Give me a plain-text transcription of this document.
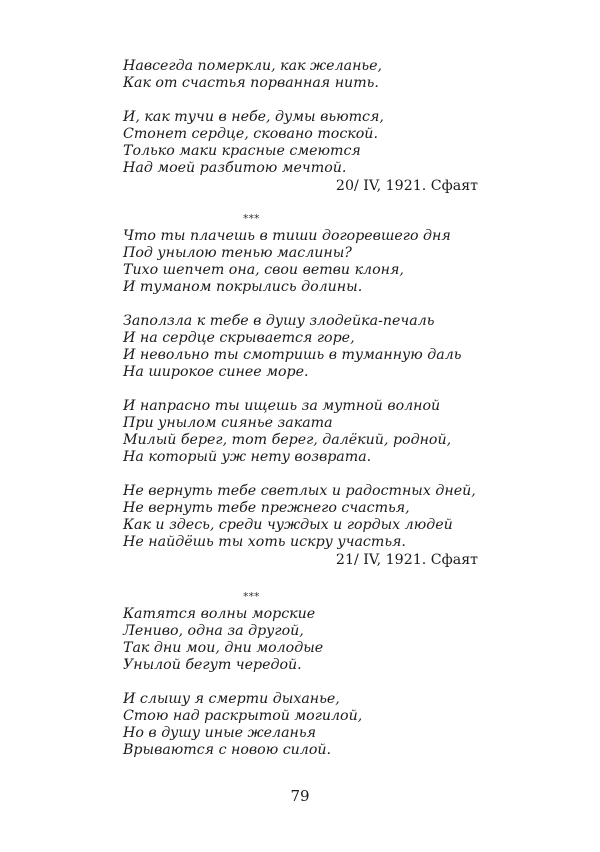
Навсегда померкли, как желанье,
Как от счастья порванная нить.
И, как тучи в небе, думы вьются,
Стонет сердце, сковано тоской.
Только маки красные смеются
Над моей разбитою мечтой.
20/ IV, 1921. Сфаят
***
Что ты плачешь в тиши догоревшего дня
Под унылою тенью маслины?
Тихо шепчет она, свои ветви клоня,
И туманом покрылись долины.
Заползла к тебе в душу злодейка-печаль
И на сердце скрывается горе,
И невольно ты смотришь в туманную даль
На широкое синее море.
И напрасно ты ищешь за мутной волной
При унылом сиянье заката
Милый берег, тот берег, далёкий, родной,
На который уж нету возврата.
Не вернуть тебе светлых и радостных дней,
Не вернуть тебе прежнего счастья,
Как и здесь, среди чуждых и гордых людей
Не найдёшь ты хоть искру участья.
21/ IV, 1921. Сфаят
***
Катятся волны морские
Лениво, одна за другой,
Так дни мои, дни молодые
Унылой бегут чередой.
И слышу я смерти дыханье,
Стою над раскрытой могилой,
Но в душу иные желанья
Врываются с новою силой.
79
